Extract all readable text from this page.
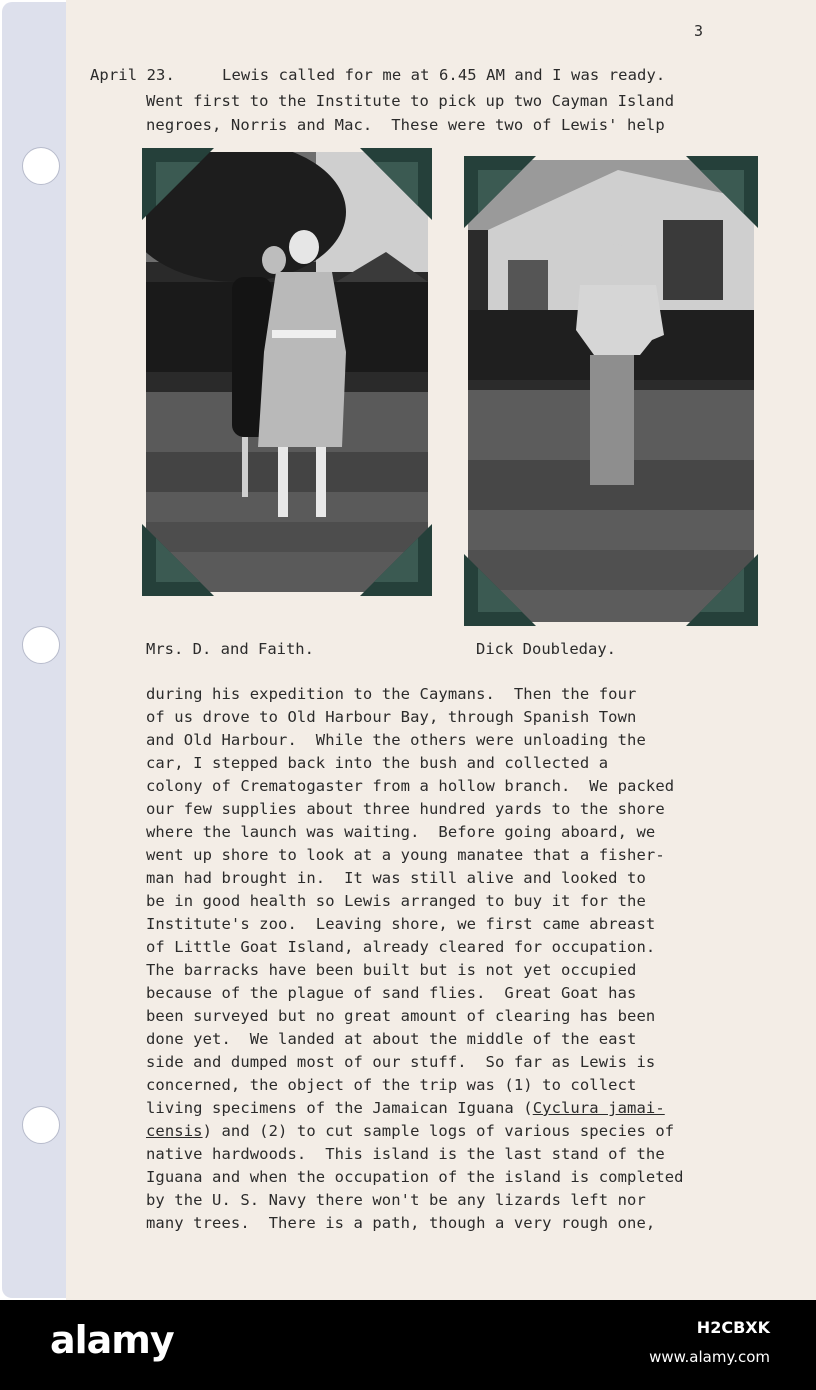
3
April 23.     Lewis called for me at 6.45 AM and I was ready.
Went first to the Institute to pick up two Cayman Island
negroes, Norris and Mac.  These were two of Lewis' help
Mrs. D. and Faith.	Dick Doubleday.
during his expedition to the Caymans.  Then the four
of us drove to Old Harbour Bay, through Spanish Town
and Old Harbour.  While the others were unloading the
car, I stepped back into the bush and collected a
colony of Crematogaster from a hollow branch.  We packed
our few supplies about three hundred yards to the shore
where the launch was waiting.  Before going aboard, we
went up shore to look at a young manatee that a fisher-
man had brought in.  It was still alive and looked to
be in good health so Lewis arranged to buy it for the
Institute's zoo.  Leaving shore, we first came abreast
of Little Goat Island, already cleared for occupation.
The barracks have been built but is not yet occupied
because of the plague of sand flies.  Great Goat has
been surveyed but no great amount of clearing has been
done yet.  We landed at about the middle of the east
side and dumped most of our stuff.  So far as Lewis is
concerned, the object of the trip was (1) to collect
living specimens of the Jamaican Iguana (Cyclura jamai-
censis) and (2) to cut sample logs of various species of
native hardwoods.  This island is the last stand of the
Iguana and when the occupation of the island is completed
by the U. S. Navy there won't be any lizards left nor
many trees.  There is a path, though a very rough one,
alamy	H2CBXK
www.alamy.com
